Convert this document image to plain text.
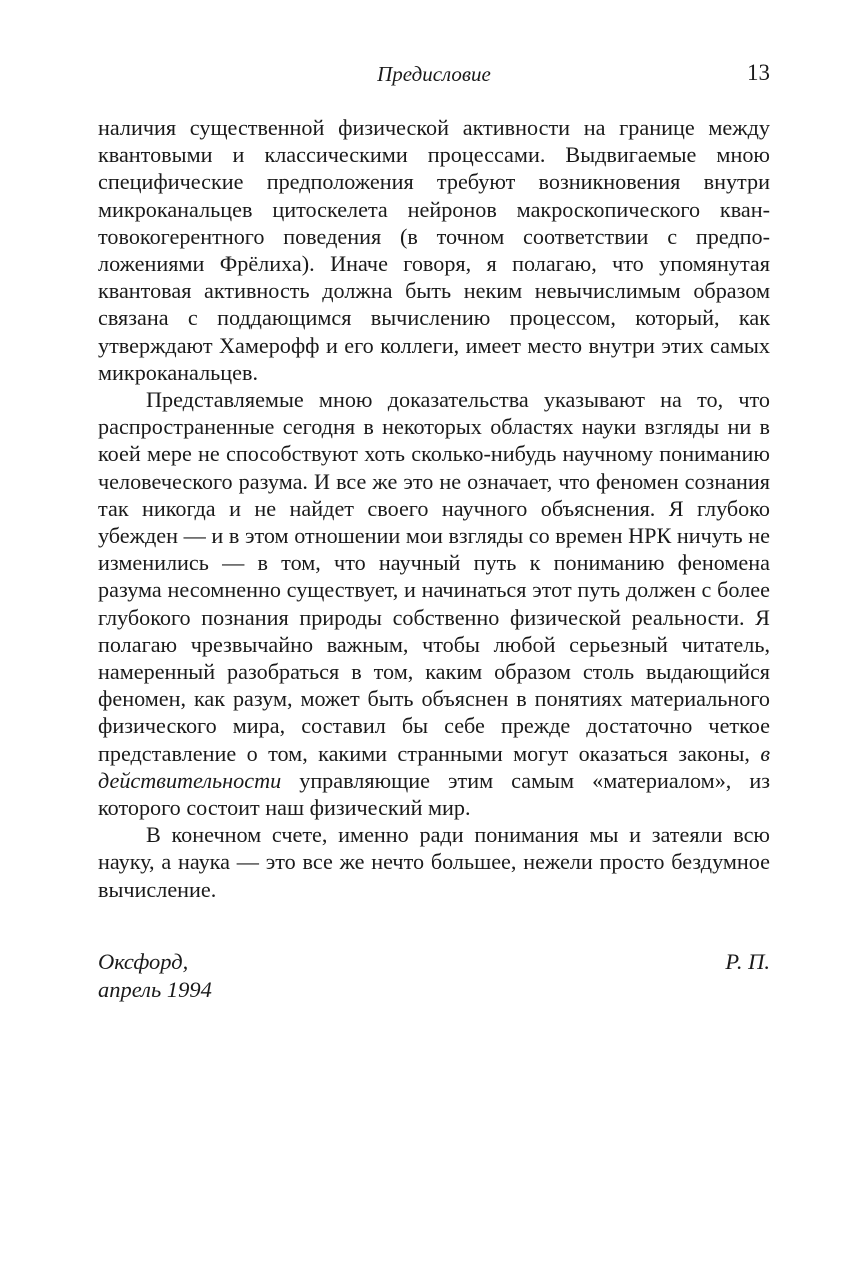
Предисловие	13

наличия существенной физической активности на границе между квантовыми и классическими процессами. Выдвигаемые мною специфические предположения требуют возникновения внутри микроканальцев цитоскелета нейронов макроскопического квантовокогерентного поведения (в точном соответствии с предположениями Фрёлиха). Иначе говоря, я полагаю, что упомянутая квантовая активность должна быть неким невычислимым образом связана с поддающимся вычислению процессом, который, как утверждают Хамерофф и его коллеги, имеет место внутри этих самых микроканальцев.

Представляемые мною доказательства указывают на то, что распространенные сегодня в некоторых областях науки взгляды ни в коей мере не способствуют хоть сколько-нибудь научному пониманию человеческого разума. И все же это не означает, что феномен сознания так никогда и не найдет своего научного объяснения. Я глубоко убежден — и в этом отношении мои взгляды со времен НРК ничуть не изменились — в том, что научный путь к пониманию феномена разума несомненно существует, и начинаться этот путь должен с более глубокого познания природы собственно физической реальности. Я полагаю чрезвычайно важным, чтобы любой серьезный читатель, намеренный разобраться в том, каким образом столь выдающийся феномен, как разум, может быть объяснен в понятиях материального физического мира, составил бы себе прежде достаточно четкое представление о том, какими странными могут оказаться законы, в действительности управляющие этим самым «материалом», из которого состоит наш физический мир.

В конечном счете, именно ради понимания мы и затеяли всю науку, а наука — это все же нечто большее, нежели просто бездумное вычисление.

Оксфорд,
апрель 1994
Р. П.
